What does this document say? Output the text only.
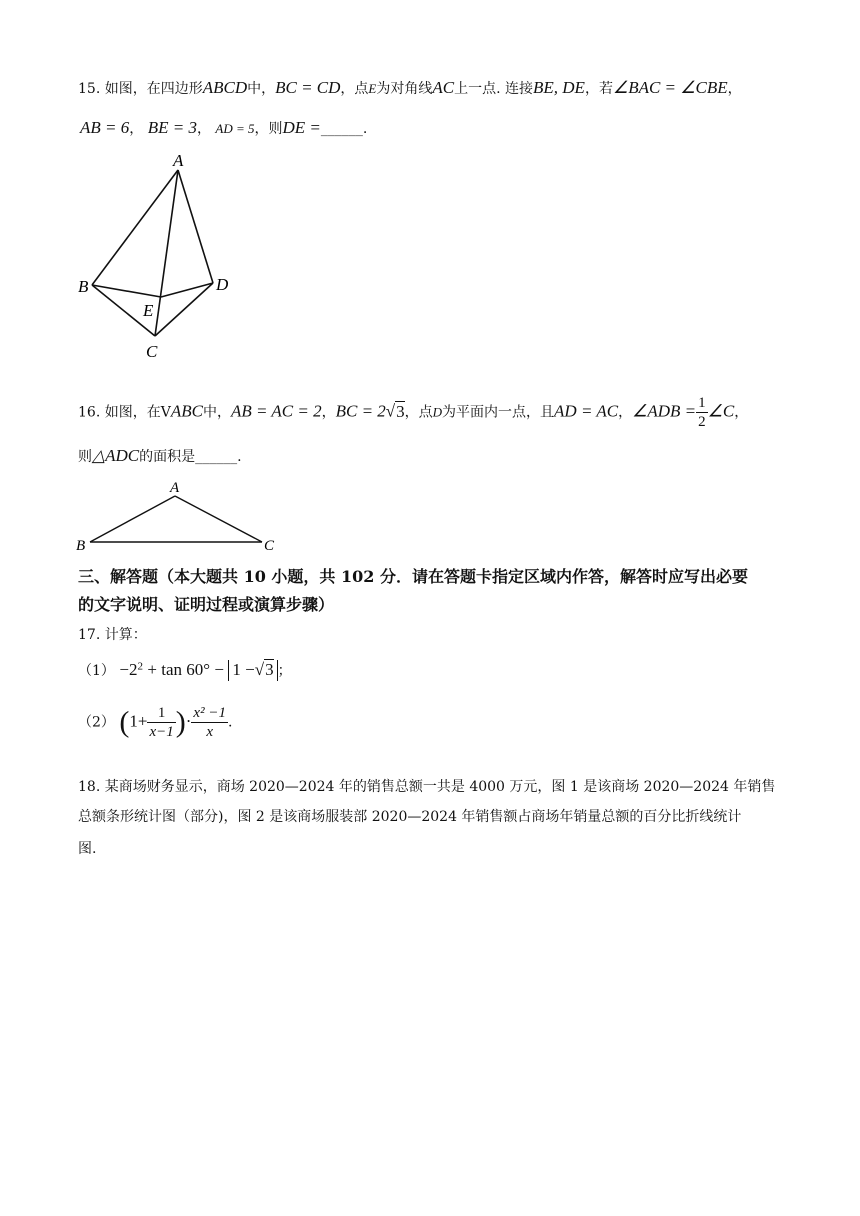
15. 如图，在四边形ABCD中，BC = CD，点E为对角线AC上一点. 连接BE, DE，若∠BAC = ∠CBE，
AB = 6， BE = 3， AD = 5，则DE =______.
A
B	D
E
C
16. 如图，在VABC中，AB = AC = 2，BC = 2√3，点D为平面内一点，且AD = AC，∠ADB = $\frac{1}{2}$ ∠C，
则△ADC的面积是______.
A
B	C
三、解答题（本大题共 10 小题，共 102 分．请在答题卡指定区域内作答，解答时应写出必要
的文字说明、证明过程或演算步骤）
17. 计算：
$(1) -2^2 + \tan 60^\circ - 1 -√3$ ；
（2） ($1+ \frac{1}{x-1}$ )· $\frac{\text{x² −1}}{x}$ .
18. 某商场财务显示，商场 2020—2024 年的销售总额一共是 4000 万元，图 1 是该商场 2020—2024 年销售
总额条形统计图（部分)，图 2 是该商场服装部 2020—2024 年销售额占商场年销量总额的百分比折线统计
图.
